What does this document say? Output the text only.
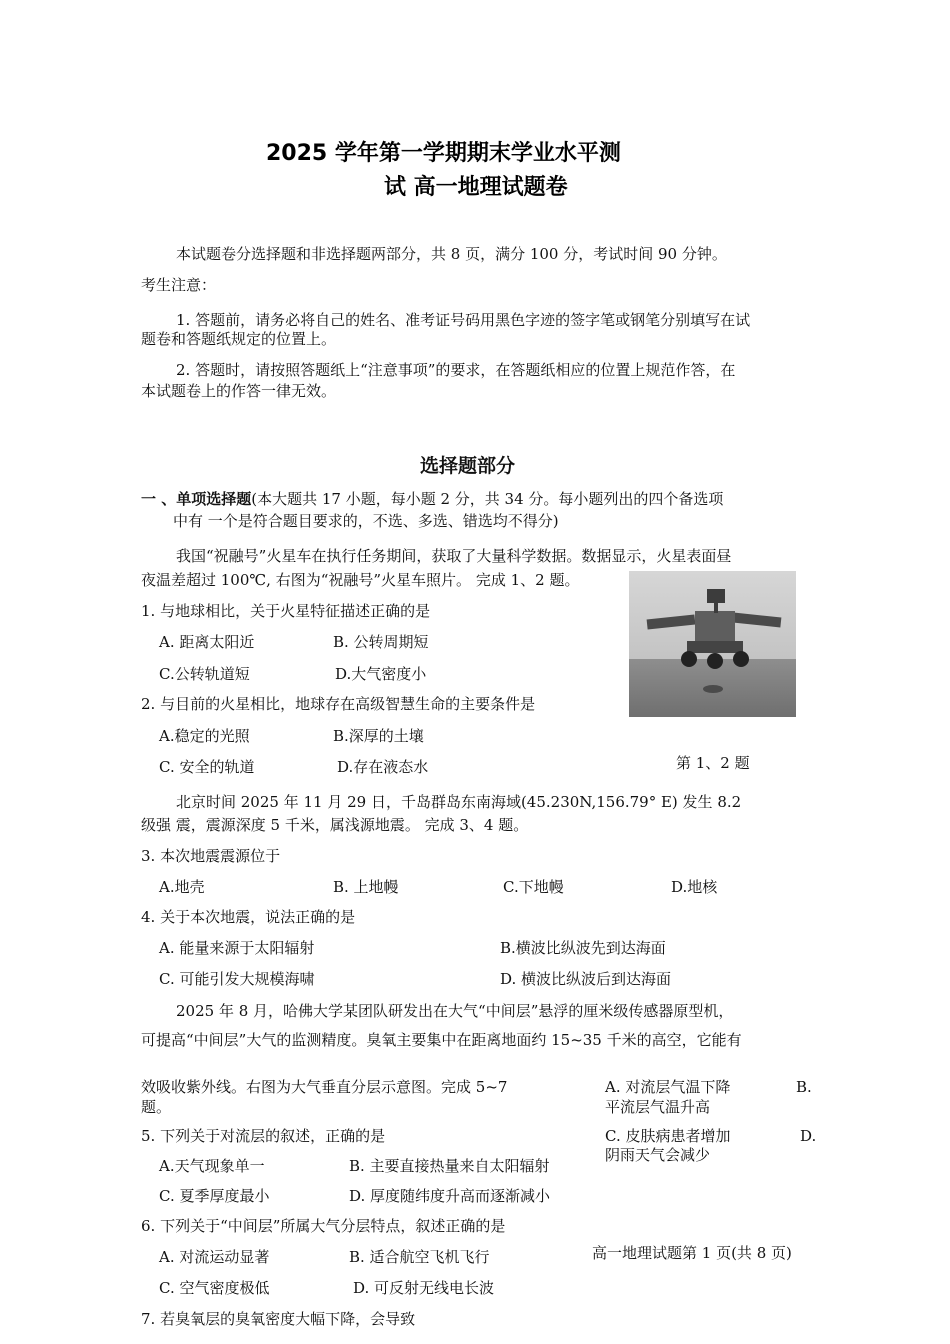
2025 学年第一学期期末学业水平测
试 高一地理试题卷
本试题卷分选择题和非选择题两部分，共 8 页，满分 100 分，考试时间 90 分钟。
考生注意：
1. 答题前，请务必将自己的姓名、准考证号码用黑色字迹的签字笔或钢笔分别填写在试
题卷和答题纸规定的位置上。
2. 答题时，请按照答题纸上“注意事项”的要求，在答题纸相应的位置上规范作答，在
本试题卷上的作答一律无效。
选择题部分
一 、单项选择题(本大题共 17 小题，每小题 2 分，共 34 分。每小题列出的四个备选项
中有 一个是符合题目要求的，不选、多选、错选均不得分)
我国“祝融号”火星车在执行任务期间，获取了大量科学数据。数据显示，火星表面昼
夜温差超过 100℃, 右图为“祝融号”火星车照片。 完成 1、2 题。
第 1、2 题
1. 与地球相比，关于火星特征描述正确的是
A. 距离太阳近	B. 公转周期短
C.公转轨道短	D.大气密度小
2. 与目前的火星相比，地球存在高级智慧生命的主要条件是
A.稳定的光照	B.深厚的土壤
C. 安全的轨道	D.存在液态水
北京时间 2025 年 11 月 29 日，千岛群岛东南海域(45.230N,156.79° E) 发生 8.2
级强 震，震源深度 5 千米，属浅源地震。 完成 3、4 题。
3. 本次地震震源位于
A.地壳	B. 上地幔	C.下地幔	D.地核
4. 关于本次地震，说法正确的是
A. 能量来源于太阳辐射	B.横波比纵波先到达海面
C. 可能引发大规模海啸	D. 横波比纵波后到达海面
2025 年 8 月，哈佛大学某团队研发出在大气“中间层”悬浮的厘米级传感器原型机，
可提高“中间层”大气的监测精度。臭氧主要集中在距离地面约 15~35 千米的高空，它能有
效吸收紫外线。右图为大气垂直分层示意图。完成 5~7
题。
A. 对流层气温下降	B.
平流层气温升高
C. 皮肤病患者增加	D.
阴雨天气会减少
5. 下列关于对流层的叙述，正确的是
A.天气现象单一	B. 主要直接热量来自太阳辐射
C. 夏季厚度最小	D. 厚度随纬度升高而逐渐减小
6. 下列关于“中间层”所属大气分层特点，叙述正确的是
A. 对流运动显著	B. 适合航空飞机飞行
C. 空气密度极低	D. 可反射无线电长波
高一地理试题第 1 页(共 8 页)
7. 若臭氧层的臭氧密度大幅下降，会导致
